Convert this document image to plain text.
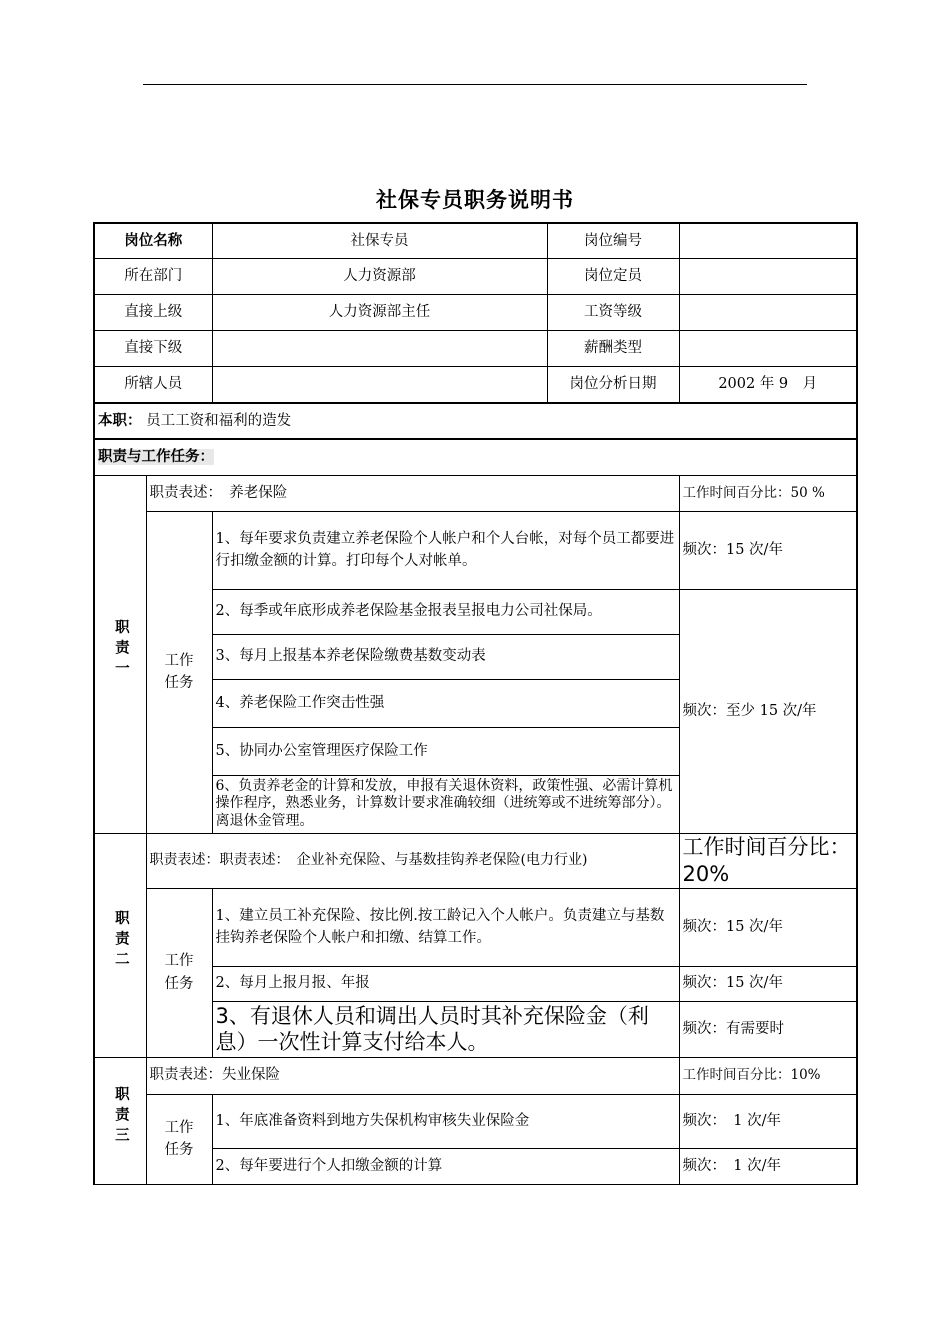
社保专员职务说明书
岗位名称		社保专员	岗位编号	
所在部门		人力资源部	岗位定员	
直接上级		人力资源部主任	工资等级	
直接下级			薪酬类型	
所辖人员			岗位分析日期	2002 年 9　月
本职： 员工工资和福利的造发				
职责与工作任务：				
职责一	职责表述：　养老保险			工作时间百分比：50 %
	工作任务	1、每年要求负责建立养老保险个人帐户和个人台帐，对每个员工都要进行扣缴金额的计算。打印每个人对帐单。		频次：15 次/年
		2、每季或年底形成养老保险基金报表呈报电力公司社保局。		频次：至少 15 次/年
		3、每月上报基本养老保险缴费基数变动表		
		4、养老保险工作突击性强		
		5、协同办公室管理医疗保险工作		
		6、负责养老金的计算和发放，申报有关退休资料，政策性强、必需计算机操作程序，熟悉业务，计算数计要求准确较细（进统筹或不进统筹部分）。离退休金管理。		

职责二	职责表述：职责表述：　企业补充保险、与基数挂钩养老保险(电力行业)			工作时间百分比：20%
	工作任务	1、建立员工补充保险、按比例.按工龄记入个人帐户。负责建立与基数挂钩养老保险个人帐户和扣缴、结算工作。		频次：15 次/年
		2、每月上报月报、年报		频次：15 次/年
		3、有退休人员和调出人员时其补充保险金（利息）一次性计算支付给本人。		频次：有需要时
职责三	职责表述：失业保险			工作时间百分比：10%
	工作任务	1、年底准备资料到地方失保机构审核失业保险金		频次：　1 次/年
		2、每年要进行个人扣缴金额的计算		频次：　1 次/年
